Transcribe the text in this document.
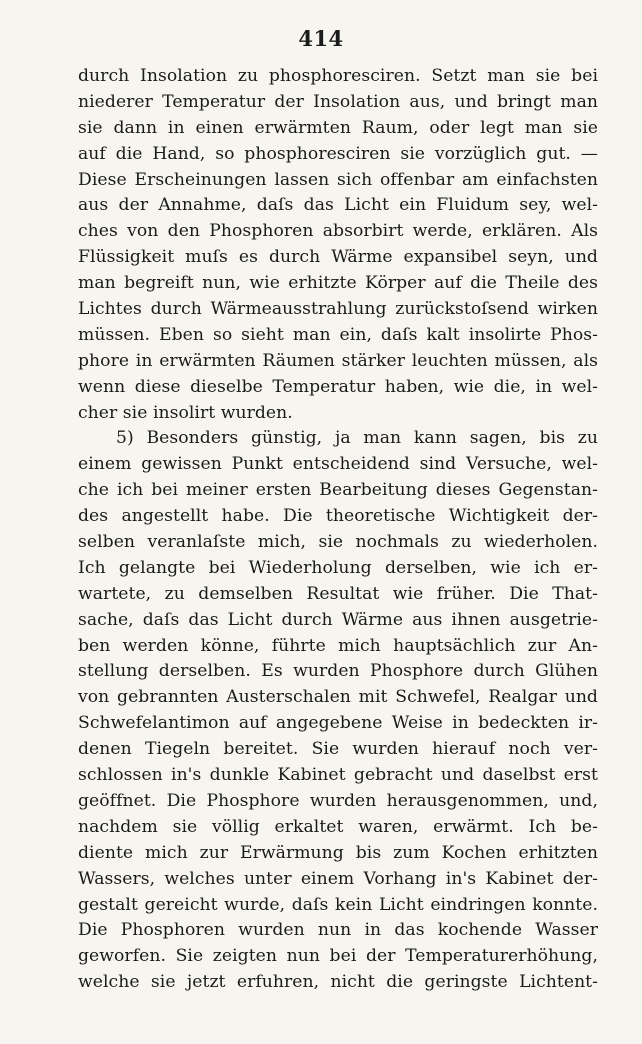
414
durch Insolation zu phosphoresciren. Setzt man sie bei
niederer Temperatur der Insolation aus, und bringt man
sie dann in einen erwärmten Raum, oder legt man sie
auf die Hand, so phosphoresciren sie vorzüglich gut. —
Diese Erscheinungen lassen sich offenbar am einfachsten
aus der Annahme, daſs das Licht ein Fluidum sey, wel-
ches von den Phosphoren absorbirt werde, erklären. Als
Flüssigkeit muſs es durch Wärme expansibel seyn, und
man begreift nun, wie erhitzte Körper auf die Theile des
Lichtes durch Wärmeausstrahlung zurückstoſsend wirken
müssen. Eben so sieht man ein, daſs kalt insolirte Phos-
phore in erwärmten Räumen stärker leuchten müssen, als
wenn diese dieselbe Temperatur haben, wie die, in wel-
cher sie insolirt wurden.
5) Besonders günstig, ja man kann sagen, bis zu
einem gewissen Punkt entscheidend sind Versuche, wel-
che ich bei meiner ersten Bearbeitung dieses Gegenstan-
des angestellt habe. Die theoretische Wichtigkeit der-
selben veranlaſste mich, sie nochmals zu wiederholen.
Ich gelangte bei Wiederholung derselben, wie ich er-
wartete, zu demselben Resultat wie früher. Die That-
sache, daſs das Licht durch Wärme aus ihnen ausgetrie-
ben werden könne, führte mich hauptsächlich zur An-
stellung derselben. Es wurden Phosphore durch Glühen
von gebrannten Austerschalen mit Schwefel, Realgar und
Schwefelantimon auf angegebene Weise in bedeckten ir-
denen Tiegeln bereitet. Sie wurden hierauf noch ver-
schlossen in's dunkle Kabinet gebracht und daselbst erst
geöffnet. Die Phosphore wurden herausgenommen, und,
nachdem sie völlig erkaltet waren, erwärmt. Ich be-
diente mich zur Erwärmung bis zum Kochen erhitzten
Wassers, welches unter einem Vorhang in's Kabinet der-
gestalt gereicht wurde, daſs kein Licht eindringen konnte.
Die Phosphoren wurden nun in das kochende Wasser
geworfen. Sie zeigten nun bei der Temperaturerhöhung,
welche sie jetzt erfuhren, nicht die geringste Lichtent-
